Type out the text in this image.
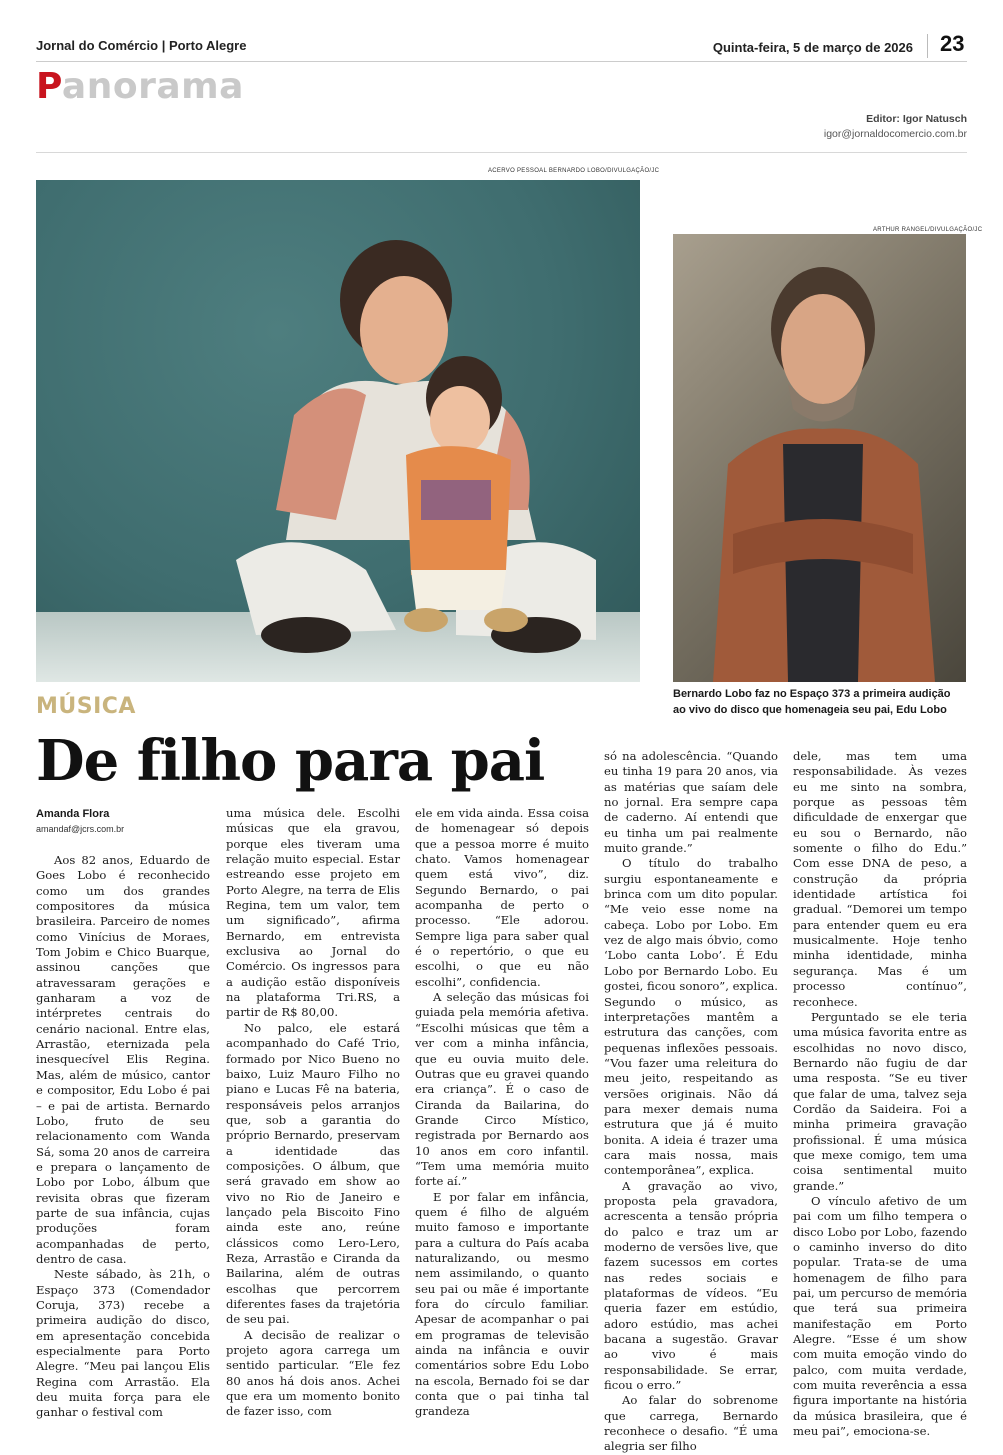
Jornal do Comércio | Porto Alegre	Quinta-feira, 5 de março de 2026 23
Panorama
Editor: Igor Natusch
igor@jornaldocomercio.com.br
ACERVO PESSOAL BERNARDO LOBO/DIVULGAÇÃO/JC
ARTHUR RANGEL/DIVULGAÇÃO/JC
Bernardo Lobo faz no Espaço 373 a primeira audição ao vivo do disco que homenageia seu pai, Edu Lobo
MÚSICA
De filho para pai
Amanda Flora
amandaf@jcrs.com.br

Aos 82 anos, Eduardo de Goes Lobo é reconhecido como um dos grandes compositores da música brasileira. Parceiro de nomes como Vinícius de Moraes, Tom Jobim e Chico Buarque, assinou canções que atravessaram gerações e ganharam a voz de intérpretes centrais do cenário nacional. Entre elas, Arrastão, eternizada pela inesquecível Elis Regina. Mas, além de músico, cantor e compositor, Edu Lobo é pai – e pai de artista. Bernardo Lobo, fruto de seu relacionamento com Wanda Sá, soma 20 anos de carreira e prepara o lançamento de Lobo por Lobo, álbum que revisita obras que fizeram parte de sua infância, cujas produções foram acompanhadas de perto, dentro de casa.

Neste sábado, às 21h, o Espaço 373 (Comendador Coruja, 373) recebe a primeira audição do disco, em apresentação concebida especialmente para Porto Alegre. “Meu pai lançou Elis Regina com Arrastão. Ela deu muita força para ele ganhar o festival com

uma música dele. Escolhi músicas que ela gravou, porque eles tiveram uma relação muito especial. Estar estreando esse projeto em Porto Alegre, na terra de Elis Regina, tem um valor, tem um significado”, afirma Bernardo, em entrevista exclusiva ao Jornal do Comércio. Os ingressos para a audição estão disponíveis na plataforma Tri.RS, a partir de R$ 80,00.

No palco, ele estará acompanhado do Café Trio, formado por Nico Bueno no baixo, Luiz Mauro Filho no piano e Lucas Fê na bateria, responsáveis pelos arranjos que, sob a garantia do próprio Bernardo, preservam a identidade das composições. O álbum, que será gravado em show ao vivo no Rio de Janeiro e lançado pela Biscoito Fino ainda este ano, reúne clássicos como Lero-Lero, Reza, Arrastão e Ciranda da Bailarina, além de outras escolhas que percorrem diferentes fases da trajetória de seu pai.

A decisão de realizar o projeto agora carrega um sentido particular. “Ele fez 80 anos há dois anos. Achei que era um momento bonito de fazer isso, com

ele em vida ainda. Essa coisa de homenagear só depois que a pessoa morre é muito chato. Vamos homenagear quem está vivo”, diz. Segundo Bernardo, o pai acompanha de perto o processo. “Ele adorou. Sempre liga para saber qual é o repertório, o que eu escolhi, o que eu não escolhi”, confidencia.

A seleção das músicas foi guiada pela memória afetiva. “Escolhi músicas que têm a ver com a minha infância, que eu ouvia muito dele. Outras que eu gravei quando era criança”. É o caso de Ciranda da Bailarina, do Grande Circo Místico, registrada por Bernardo aos 10 anos em coro infantil. “Tem uma memória muito forte aí.”

E por falar em infância, quem é filho de alguém muito famoso e importante para a cultura do País acaba naturalizando, ou mesmo nem assimilando, o quanto seu pai ou mãe é importante fora do círculo familiar. Apesar de acompanhar o pai em programas de televisão ainda na infância e ouvir comentários sobre Edu Lobo na escola, Bernado foi se dar conta que o pai tinha tal grandeza

só na adolescência. “Quando eu tinha 19 para 20 anos, via as matérias que saíam dele no jornal. Era sempre capa de caderno. Aí entendi que eu tinha um pai realmente muito grande.”

O título do trabalho surgiu espontaneamente e brinca com um dito popular. “Me veio esse nome na cabeça. Lobo por Lobo. Em vez de algo mais óbvio, como ‘Lobo canta Lobo’. É Edu Lobo por Bernardo Lobo. Eu gostei, ficou sonoro”, explica. Segundo o músico, as interpretações mantêm a estrutura das canções, com pequenas inflexões pessoais. “Vou fazer uma releitura do meu jeito, respeitando as versões originais. Não dá para mexer demais numa estrutura que já é muito bonita. A ideia é trazer uma cara mais nossa, mais contemporânea”, explica.

A gravação ao vivo, proposta pela gravadora, acrescenta a tensão própria do palco e traz um ar moderno de versões live, que fazem sucessos em cortes nas redes sociais e plataformas de vídeos. “Eu queria fazer em estúdio, adoro estúdio, mas achei bacana a sugestão. Gravar ao vivo é mais responsabilidade. Se errar, ficou o erro.”

Ao falar do sobrenome que carrega, Bernardo reconhece o desafio. “É uma alegria ser filho

dele, mas tem uma responsabilidade. Às vezes eu me sinto na sombra, porque as pessoas têm dificuldade de enxergar que eu sou o Bernardo, não somente o filho do Edu.” Com esse DNA de peso, a construção da própria identidade artística foi gradual. “Demorei um tempo para entender quem eu era musicalmente. Hoje tenho minha identidade, minha segurança. Mas é um processo contínuo”, reconhece.

Perguntado se ele teria uma música favorita entre as escolhidas no novo disco, Bernardo não fugiu de dar uma resposta. “Se eu tiver que falar de uma, talvez seja Cordão da Saideira. Foi a minha primeira gravação profissional. É uma música que mexe comigo, tem uma coisa sentimental muito grande.”

O vínculo afetivo de um pai com um filho tempera o disco Lobo por Lobo, fazendo o caminho inverso do dito popular. Trata-se de uma homenagem de filho para pai, um percurso de memória que terá sua primeira manifestação em Porto Alegre. “Esse é um show com muita emoção vindo do palco, com muita verdade, com muita reverência a essa figura importante na história da música brasileira, que é meu pai”, emociona-se.
